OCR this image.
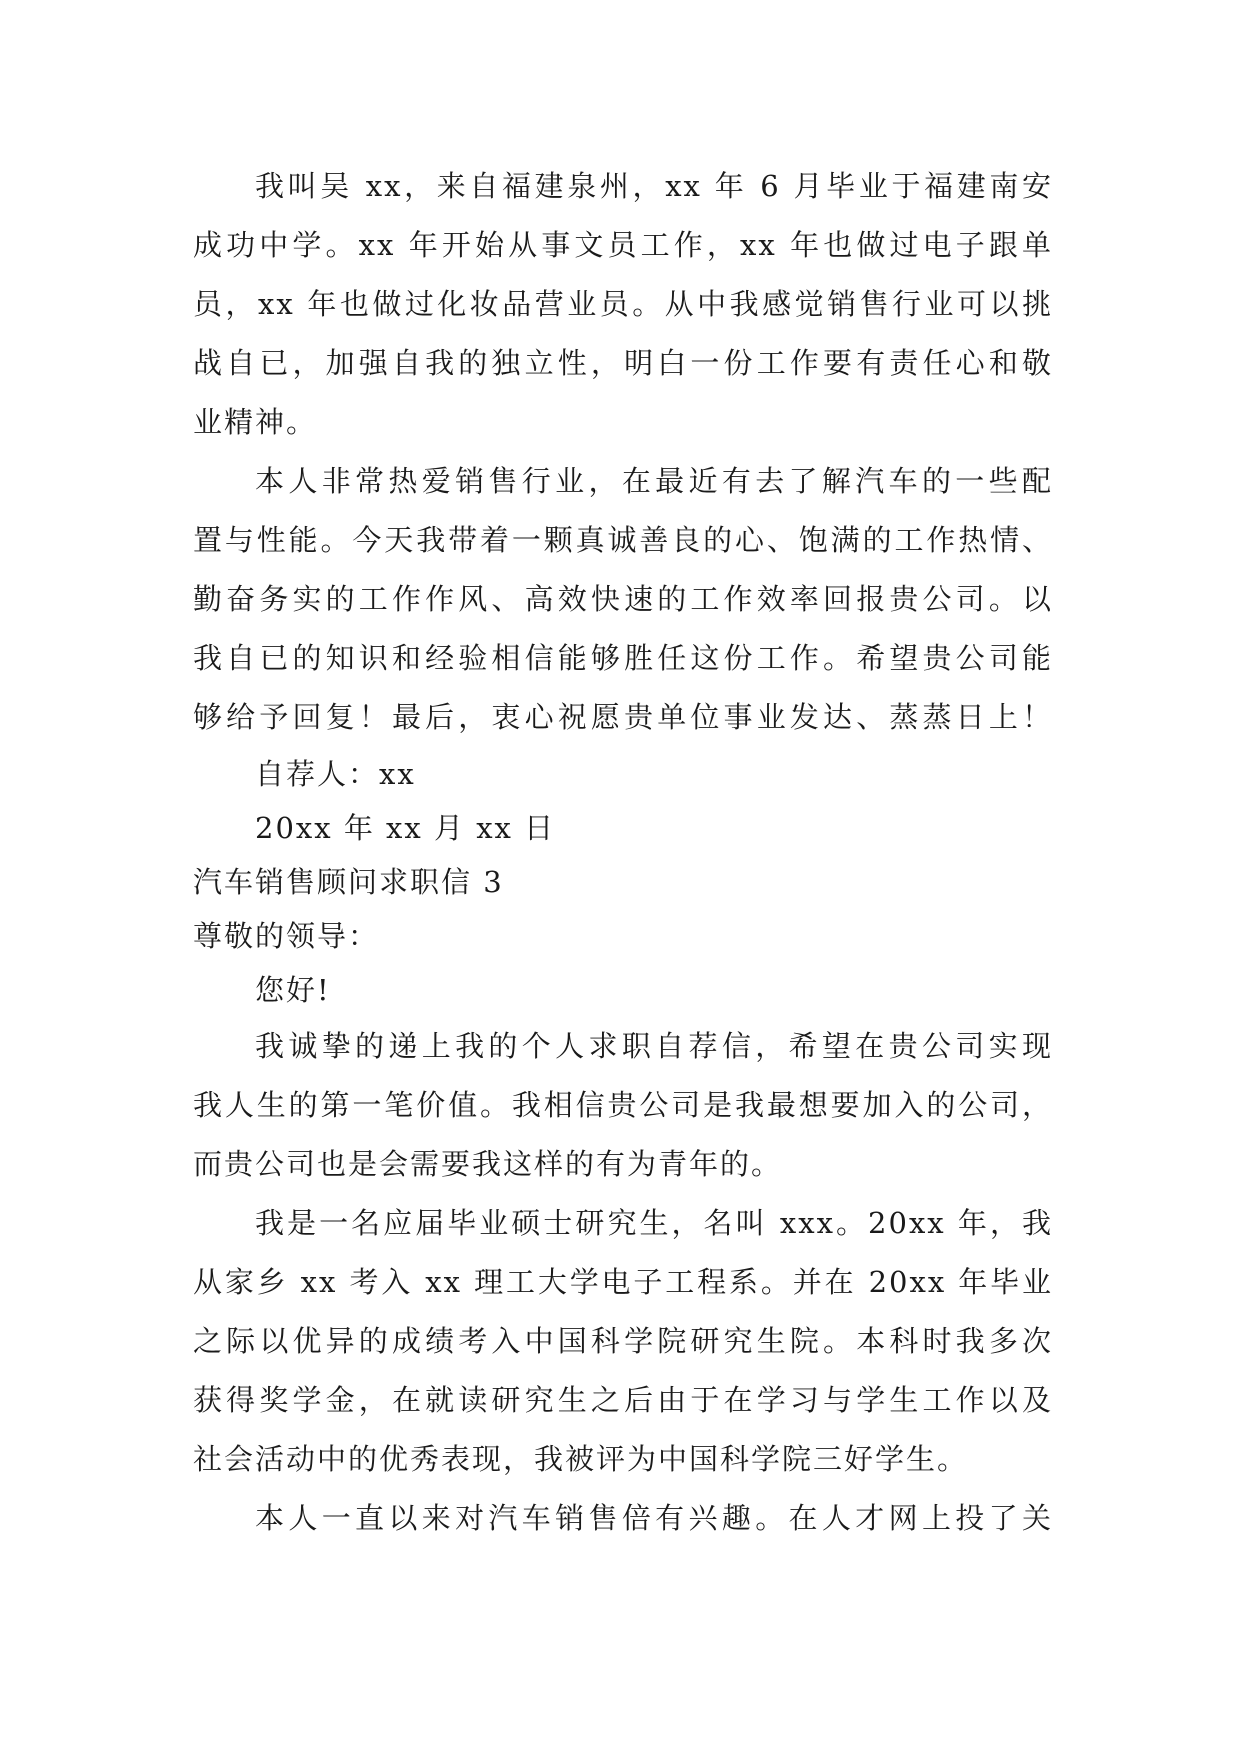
我叫吴 xx，来自福建泉州，xx 年 6 月毕业于福建南安
成功中学。xx 年开始从事文员工作，xx 年也做过电子跟单
员，xx 年也做过化妆品营业员。从中我感觉销售行业可以挑
战自已，加强自我的独立性，明白一份工作要有责任心和敬
业精神。
本人非常热爱销售行业，在最近有去了解汽车的一些配
置与性能。今天我带着一颗真诚善良的心、饱满的工作热情、
勤奋务实的工作作风、高效快速的工作效率回报贵公司。以
我自已的知识和经验相信能够胜任这份工作。希望贵公司能
够给予回复！最后，衷心祝愿贵单位事业发达、蒸蒸日上！
自荐人：xx
20xx 年 xx 月 xx 日
汽车销售顾问求职信 3
尊敬的领导：
您好!
我诚挚的递上我的个人求职自荐信，希望在贵公司实现
我人生的第一笔价值。我相信贵公司是我最想要加入的公司，
而贵公司也是会需要我这样的有为青年的。
我是一名应届毕业硕士研究生，名叫 xxx。20xx 年，我
从家乡 xx 考入 xx 理工大学电子工程系。并在 20xx 年毕业
之际以优异的成绩考入中国科学院研究生院。本科时我多次
获得奖学金，在就读研究生之后由于在学习与学生工作以及
社会活动中的优秀表现，我被评为中国科学院三好学生。
本人一直以来对汽车销售倍有兴趣。在人才网上投了关
